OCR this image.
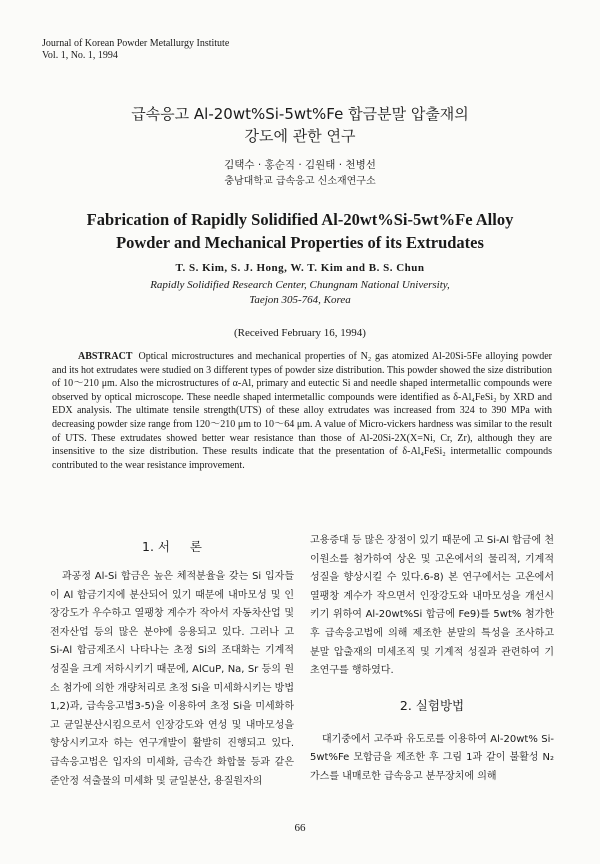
Journal of Korean Powder Metallurgy Institute
Vol. 1, No. 1, 1994
급속응고 Al-20wt%Si-5wt%Fe 합금분말 압출재의
강도에 관한 연구
김택수 · 홍순직 · 김원태 · 천병선
충남대학교 급속응고 신소재연구소
Fabrication of Rapidly Solidified Al-20wt%Si-5wt%Fe Alloy
Powder and Mechanical Properties of its Extrudates
T. S. Kim, S. J. Hong, W. T. Kim and B. S. Chun
Rapidly Solidified Research Center, Chungnam National University,
Taejon 305-764, Korea
(Received February 16, 1994)
ABSTRACT Optical microstructures and mechanical properties of N₂ gas atomized Al-20Si-5Fe alloying powder and its hot extrudates were studied on 3 different types of powder size distribution. This powder showed the size distribution of 10～210 μm. Also the microstructures of α-Al, primary and eutectic Si and needle shaped intermetallic compounds were observed by optical microscope. These needle shaped intermetallic compounds were identified as δ-Al₄FeSi₂ by XRD and EDX analysis. The ultimate tensile strength(UTS) of these alloy extrudates was increased from 324 to 390 MPa with decreasing powder size range from 120～210 μm to 10～64 μm. A value of Micro-vickers hardness was similar to the result of UTS. These extrudates showed better wear resistance than those of Al-20Si-2X(X=Ni, Cr, Zr), although they are insensitive to the size distribution. These results indicate that the presentation of δ-Al₄FeSi₂ intermetallic compounds contributed to the wear resistance improvement.
1. 서     론

과공정 Al-Si 합금은 높은 체적분율을 갖는 Si 입자들이 Al 합금기지에 분산되어 있기 때문에 내마모성 및 인장강도가 우수하고 열팽창 계수가 작아서 자동차산업 및 전자산업 등의 많은 분야에 응용되고 있다. 그러나 고 Si-Al 합금제조시 나타나는 초정 Si의 조대화는 기계적 성질을 크게 저하시키기 때문에, AlCuP, Na, Sr 등의 원소 첨가에 의한 개량처리로 초정 Si을 미세화시키는 방법1,2)과, 급속응고법3-5)을 이용하여 초정 Si을 미세화하고 균일분산시킴으로서 인장강도와 연성 및 내마모성을 향상시키고자 하는 연구개발이 활발히 진행되고 있다. 급속응고법은 입자의 미세화, 금속간 화합물 등과 같은 준안정 석출물의 미세화 및 균일분산, 용질원자의

고용증대 등 많은 장점이 있기 때문에 고 Si-Al 합금에 천이원소를 첨가하여 상온 및 고온에서의 물리적, 기계적 성질을 향상시킬 수 있다.6-8) 본 연구에서는 고온에서 열팽창 계수가 작으면서 인장강도와 내마모성을 개선시키기 위하여 Al-20wt%Si 합금에 Fe9)를 5wt% 첨가한 후 급속응고법에 의해 제조한 분말의 특성을 조사하고 분말 압출재의 미세조직 및 기계적 성질과 관련하여 기초연구를 행하였다.

2. 실험방법

대기중에서 고주파 유도로를 이용하여 Al-20wt% Si-5wt%Fe 모합금을 제조한 후 그림 1과 같이 불활성 N₂ 가스를 내매로한 급속응고 분무장치에 의해

66
